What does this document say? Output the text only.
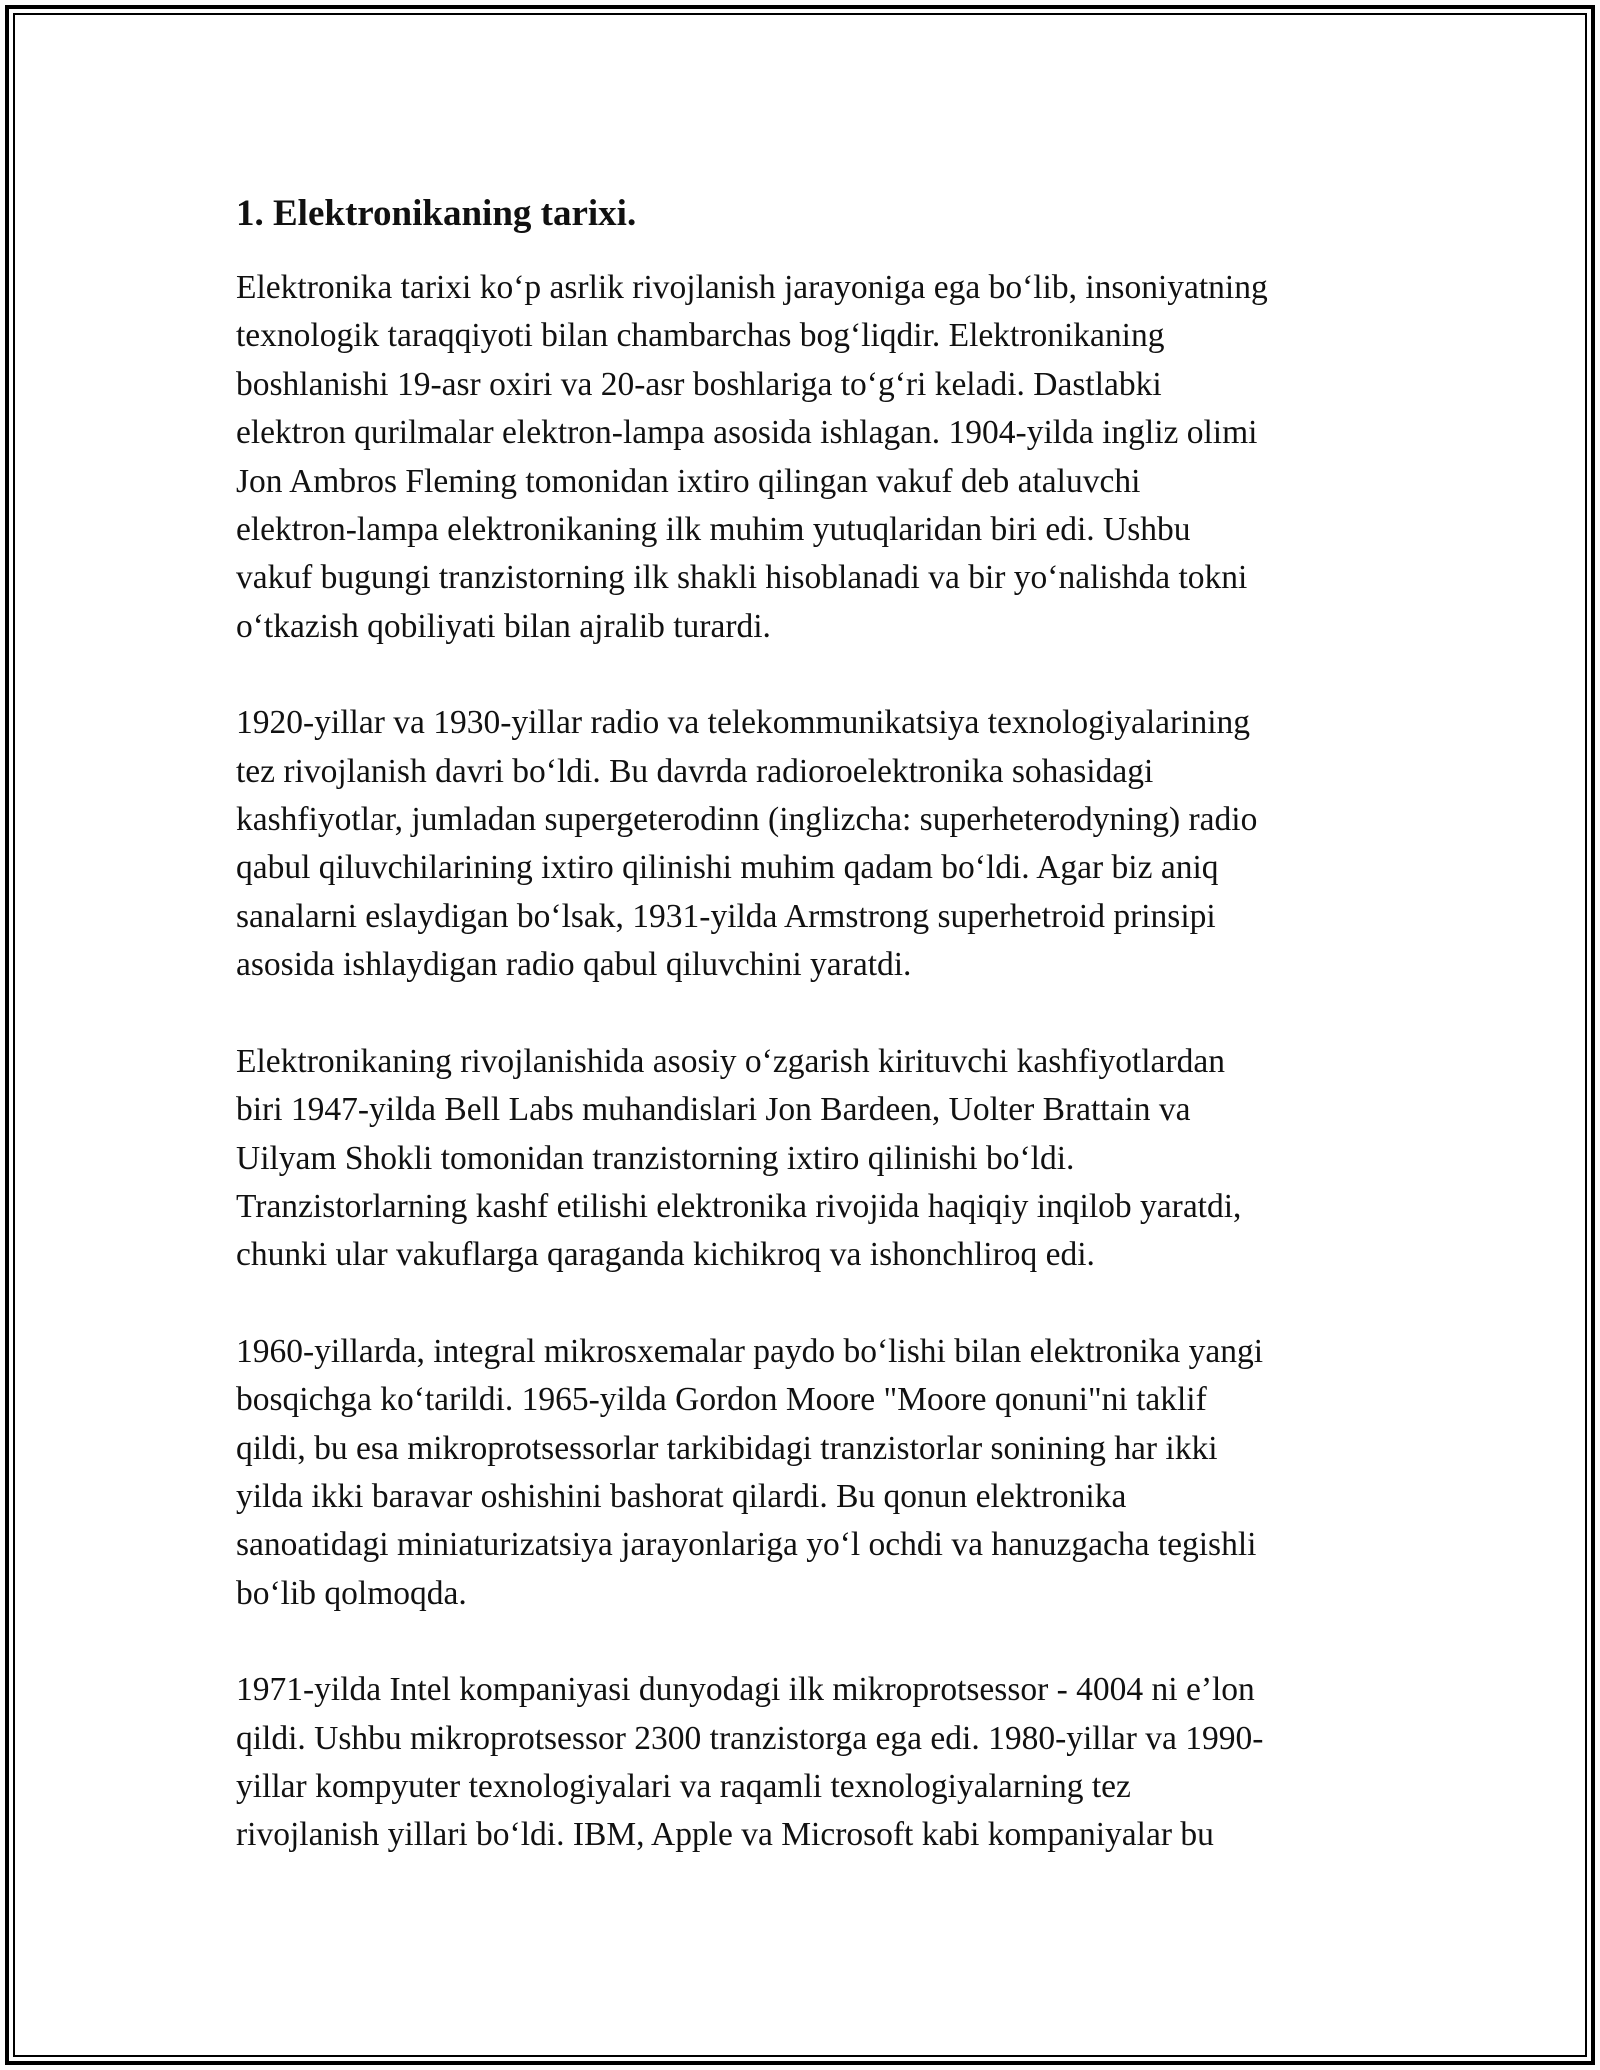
1. Elektronikaning tarixi.

Elektronika tarixi koʻp asrlik rivojlanish jarayoniga ega boʻlib, insoniyatning
texnologik taraqqiyoti bilan chambarchas bogʻliqdir. Elektronikaning
boshlanishi 19-asr oxiri va 20-asr boshlariga toʻgʻri keladi. Dastlabki
elektron qurilmalar elektron-lampa asosida ishlagan. 1904-yilda ingliz olimi
Jon Ambros Fleming tomonidan ixtiro qilingan vakuf deb ataluvchi
elektron-lampa elektronikaning ilk muhim yutuqlaridan biri edi. Ushbu
vakuf bugungi tranzistorning ilk shakli hisoblanadi va bir yoʻnalishda tokni
oʻtkazish qobiliyati bilan ajralib turardi.

1920-yillar va 1930-yillar radio va telekommunikatsiya texnologiyalarining
tez rivojlanish davri boʻldi. Bu davrda radioroelektronika sohasidagi
kashfiyotlar, jumladan supergeterodinn (inglizcha: superheterodyning) radio
qabul qiluvchilarining ixtiro qilinishi muhim qadam boʻldi. Agar biz aniq
sanalarni eslaydigan boʻlsak, 1931-yilda Armstrong superhetroid prinsipi
asosida ishlaydigan radio qabul qiluvchini yaratdi.

Elektronikaning rivojlanishida asosiy oʻzgarish kirituvchi kashfiyotlardan
biri 1947-yilda Bell Labs muhandislari Jon Bardeen, Uolter Brattain va
Uilyam Shokli tomonidan tranzistorning ixtiro qilinishi boʻldi.
Tranzistorlarning kashf etilishi elektronika rivojida haqiqiy inqilob yaratdi,
chunki ular vakuflarga qaraganda kichikroq va ishonchliroq edi.

1960-yillarda, integral mikrosxemalar paydo boʻlishi bilan elektronika yangi
bosqichga koʻtarildi. 1965-yilda Gordon Moore "Moore qonuni"ni taklif
qildi, bu esa mikroprotsessorlar tarkibidagi tranzistorlar sonining har ikki
yilda ikki baravar oshishini bashorat qilardi. Bu qonun elektronika
sanoatidagi miniaturizatsiya jarayonlariga yoʻl ochdi va hanuzgacha tegishli
boʻlib qolmoqda.

1971-yilda Intel kompaniyasi dunyodagi ilk mikroprotsessor - 4004 ni e’lon
qildi. Ushbu mikroprotsessor 2300 tranzistorga ega edi. 1980-yillar va 1990-
yillar kompyuter texnologiyalari va raqamli texnologiyalarning tez
rivojlanish yillari boʻldi. IBM, Apple va Microsoft kabi kompaniyalar bu
